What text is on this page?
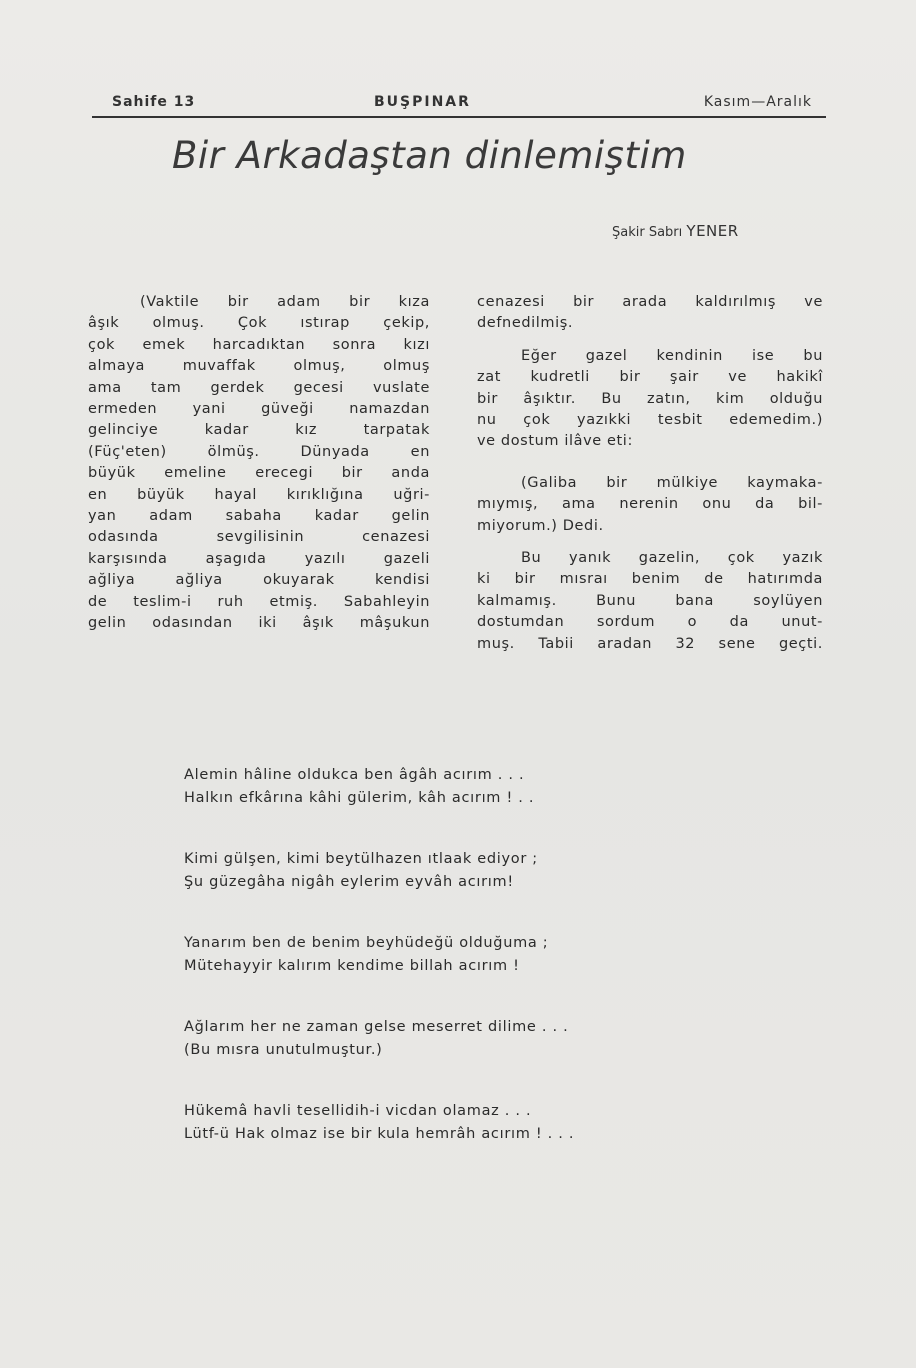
Sahife 13	BUŞPINAR	Kasım—Aralık
Bir Arkadaştan dinlemiştim
Şakir Sabrı YENER
(Vaktile bir adam bir kıza
âşık olmuş. Çok ıstırap çekip,
çok emek harcadıktan sonra kızı
almaya muvaffak olmuş, olmuş
ama tam gerdek gecesi vuslate
ermeden yani güveği namazdan
gelinciye kadar kız tarpatak
(Füç'eten) ölmüş. Dünyada en
büyük emeline erecegi bir anda
en büyük hayal kırıklığına uğri-
yan adam sabaha kadar gelin
odasında sevgilisinin cenazesi
karşısında aşagıda yazılı gazeli
ağliya ağliya okuyarak kendisi
de teslim-i ruh etmiş. Sabahleyin
gelin odasından iki âşık mâşukun
cenazesi bir arada kaldırılmış ve
defnedilmiş.
Eğer gazel kendinin ise bu
zat kudretli bir şair ve hakikî
bir âşıktır. Bu zatın, kim olduğu
nu çok yazıkki tesbit edemedim.)
ve dostum ilâve eti:
(Galiba bir mülkiye kaymaka-
mıymış, ama nerenin onu da bil-
miyorum.) Dedi.
Bu yanık gazelin, çok yazık
ki bir mısraı benim de hatırımda
kalmamış. Bunu bana soylüyen
dostumdan sordum o da unut-
muş. Tabii aradan 32 sene geçti.
Alemin hâline oldukca ben âgâh acırım . . .
Halkın efkârına kâhi gülerim, kâh acırım ! . .
Kimi gülşen, kimi beytülhazen ıtlaak ediyor ;
Şu güzegâha nigâh eylerim eyvâh acırım!
Yanarım ben de benim beyhüdeğü olduğuma ;
Mütehayyir kalırım kendime billah acırım !
Ağlarım her ne zaman gelse meserret dilime . . .
(Bu mısra unutulmuştur.)
Hükemâ havli tesellidih-i vicdan olamaz . . .
Lütf-ü Hak olmaz ise bir kula hemrâh acırım ! . . .
